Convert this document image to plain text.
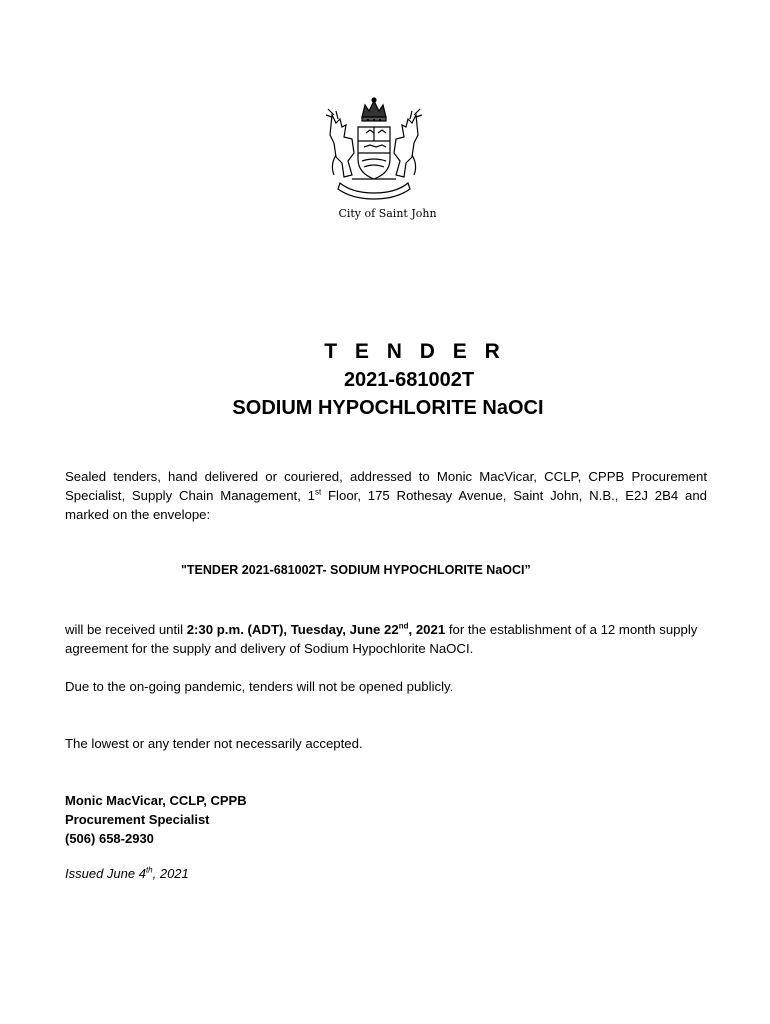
City of Saint John
T E N D E R
2021-681002T
SODIUM HYPOCHLORITE NaOCI
Sealed tenders, hand delivered or couriered, addressed to Monic MacVicar, CCLP, CPPB Procurement Specialist, Supply Chain Management, 1st Floor, 175 Rothesay Avenue, Saint John, N.B., E2J 2B4 and marked on the envelope:
"TENDER 2021-681002T- SODIUM HYPOCHLORITE NaOCI”
will be received until 2:30 p.m. (ADT), Tuesday, June 22nd, 2021 for the establishment of a 12 month supply agreement for the supply and delivery of Sodium Hypochlorite NaOCI.
Due to the on-going pandemic, tenders will not be opened publicly.
The lowest or any tender not necessarily accepted.
Monic MacVicar, CCLP, CPPB
Procurement Specialist
(506) 658-2930
Issued June 4th, 2021
